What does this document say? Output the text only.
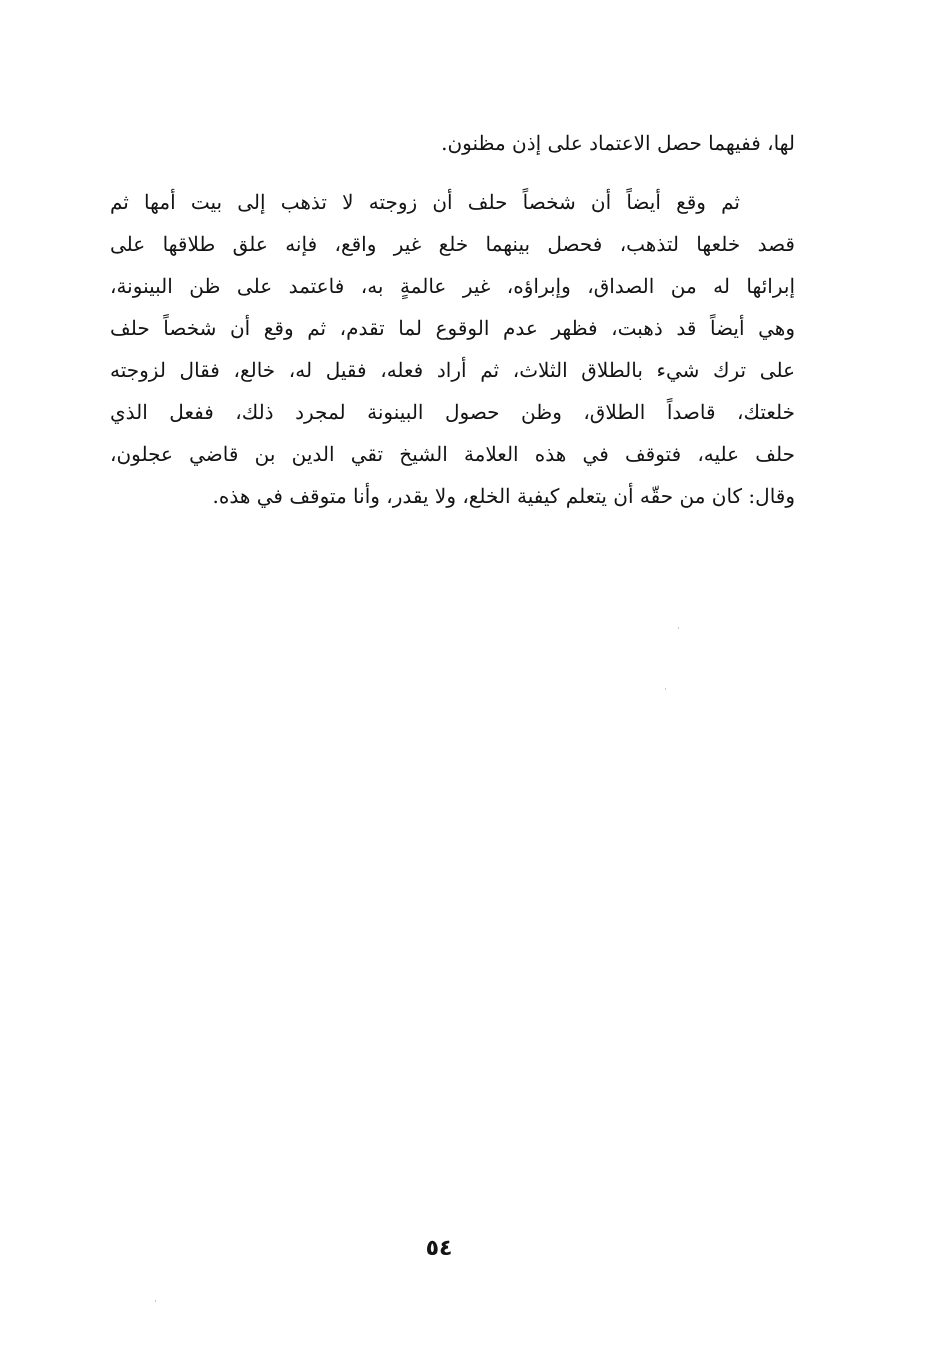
لها، ففيهما حصل الاعتماد على إذن مظنون.
ثم وقع أيضاً أن شخصاً حلف أن زوجته لا تذهب إلى بيت أمها ثم
قصد خلعها لتذهب، فحصل بينهما خلع غير واقع، فإنه علق طلاقها على
إبرائها له من الصداق، وإبراؤه، غير عالمةٍ به، فاعتمد على ظن البينونة،
وهي أيضاً قد ذهبت، فظهر عدم الوقوع لما تقدم، ثم وقع أن شخصاً حلف
على ترك شيء بالطلاق الثلاث، ثم أراد فعله، فقيل له، خالع، فقال لزوجته
خلعتك، قاصداً الطلاق، وظن حصول البينونة لمجرد ذلك، ففعل الذي
حلف عليه، فتوقف في هذه العلامة الشيخ تقي الدين بن قاضي عجلون،
وقال: كان من حقّه أن يتعلم كيفية الخلع، ولا يقدر، وأنا متوقف في هذه.
٥٤
